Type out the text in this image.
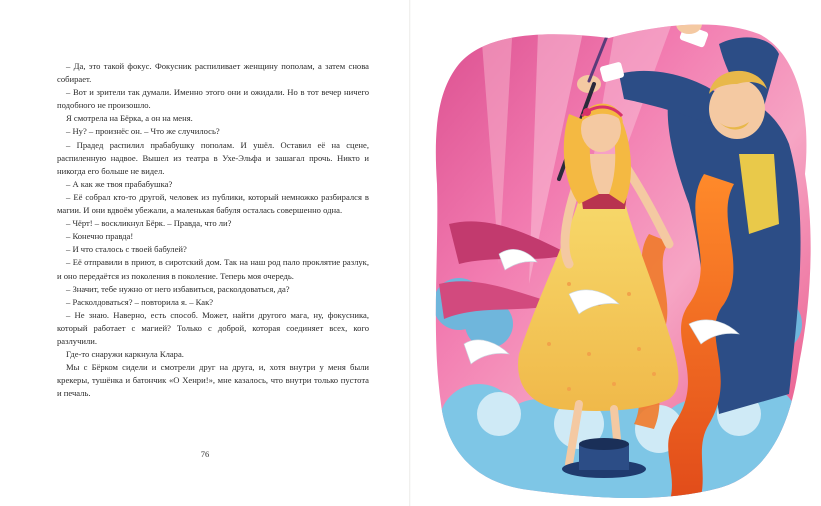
– Да, это такой фокус. Фокусник распиливает женщину пополам, а затем снова собирает.

– Вот и зрители так думали. Именно этого они и ожидали. Но в тот вечер ничего подобного не произошло.

Я смотрела на Бёрка, а он на меня.

– Ну? – произнёс он. – Что же случилось?

– Прадед распилил прабабушку пополам. И ушёл. Оставил её на сцене, распиленную надвое. Вышел из театра в Ухе-Эльфа и зашагал прочь. Никто и никогда его больше не видел.

– А как же твоя прабабушка?

– Её собрал кто-то другой, человек из публики, который немножко разбирался в магии. И они вдвоём убежали, а маленькая бабуля осталась совершенно одна.

– Чёрт! – воскликнул Бёрк. – Правда, что ли?

– Конечно правда!

– И что сталось с твоей бабулей?

– Её отправили в приют, в сиротский дом. Так на наш род пало проклятие разлук, и оно передаётся из поколения в поколение. Теперь моя очередь.

– Значит, тебе нужно от него избавиться, расколдоваться, да?

– Расколдоваться? – повторила я. – Как?

– Не знаю. Наверно, есть способ. Может, найти другого мага, ну, фокусника, который работает с магией? Только с доброй, которая соединяет всех, кого разлучили.

Где-то снаружи каркнула Клара.

Мы с Бёрком сидели и смотрели друг на друга, и, хотя внутри у меня были крекеры, тушёнка и батончик «О Хенри!», мне казалось, что внутри только пустота и печаль.

76
